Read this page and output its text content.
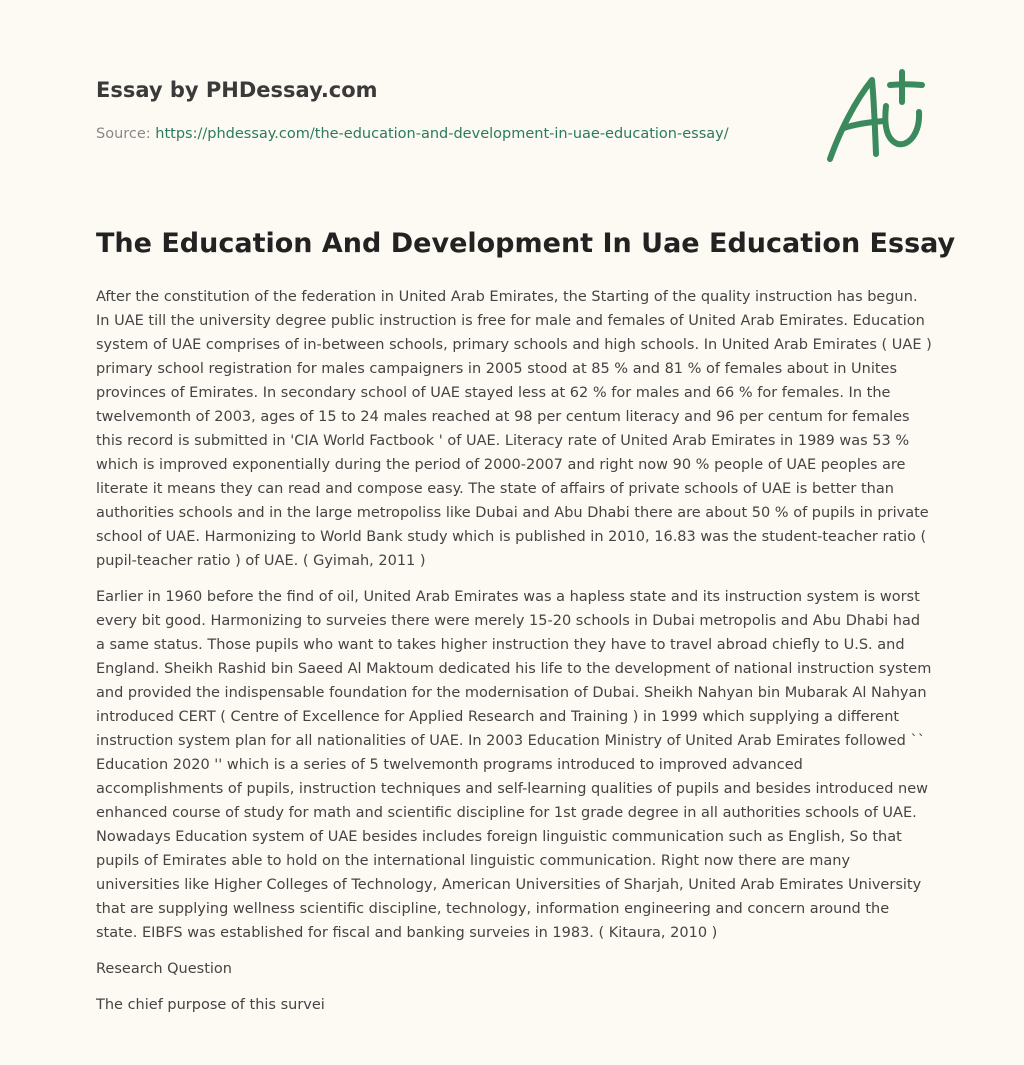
Essay by PHDessay.com
Source: https://phdessay.com/the-education-and-development-in-uae-education-essay/
The Education And Development In Uae Education Essay

After the constitution of the federation in United Arab Emirates, the Starting of the quality instruction has begun. In UAE till the university degree public instruction is free for male and females of United Arab Emirates. Education system of UAE comprises of in-between schools, primary schools and high schools. In United Arab Emirates ( UAE ) primary school registration for males campaigners in 2005 stood at 85 % and 81 % of females about in Unites provinces of Emirates. In secondary school of UAE stayed less at 62 % for males and 66 % for females. In the twelvemonth of 2003, ages of 15 to 24 males reached at 98 per centum literacy and 96 per centum for females this record is submitted in 'CIA World Factbook ' of UAE. Literacy rate of United Arab Emirates in 1989 was 53 % which is improved exponentially during the period of 2000-2007 and right now 90 % people of UAE peoples are literate it means they can read and compose easy. The state of affairs of private schools of UAE is better than authorities schools and in the large metropoliss like Dubai and Abu Dhabi there are about 50 % of pupils in private school of UAE. Harmonizing to World Bank study which is published in 2010, 16.83 was the student-teacher ratio ( pupil-teacher ratio ) of UAE. ( Gyimah, 2011 )

Earlier in 1960 before the find of oil, United Arab Emirates was a hapless state and its instruction system is worst every bit good. Harmonizing to surveies there were merely 15-20 schools in Dubai metropolis and Abu Dhabi had a same status. Those pupils who want to takes higher instruction they have to travel abroad chiefly to U.S. and England. Sheikh Rashid bin Saeed Al Maktoum dedicated his life to the development of national instruction system and provided the indispensable foundation for the modernisation of Dubai. Sheikh Nahyan bin Mubarak Al Nahyan introduced CERT ( Centre of Excellence for Applied Research and Training ) in 1999 which supplying a different instruction system plan for all nationalities of UAE. In 2003 Education Ministry of United Arab Emirates followed `` Education 2020 '' which is a series of 5 twelvemonth programs introduced to improved advanced accomplishments of pupils, instruction techniques and self-learning qualities of pupils and besides introduced new enhanced course of study for math and scientific discipline for 1st grade degree in all authorities schools of UAE. Nowadays Education system of UAE besides includes foreign linguistic communication such as English, So that pupils of Emirates able to hold on the international linguistic communication. Right now there are many universities like Higher Colleges of Technology, American Universities of Sharjah, United Arab Emirates University that are supplying wellness scientific discipline, technology, information engineering and concern around the state. EIBFS was established for fiscal and banking surveies in 1983. ( Kitaura, 2010 )

Research Question

The chief purpose of this survei
